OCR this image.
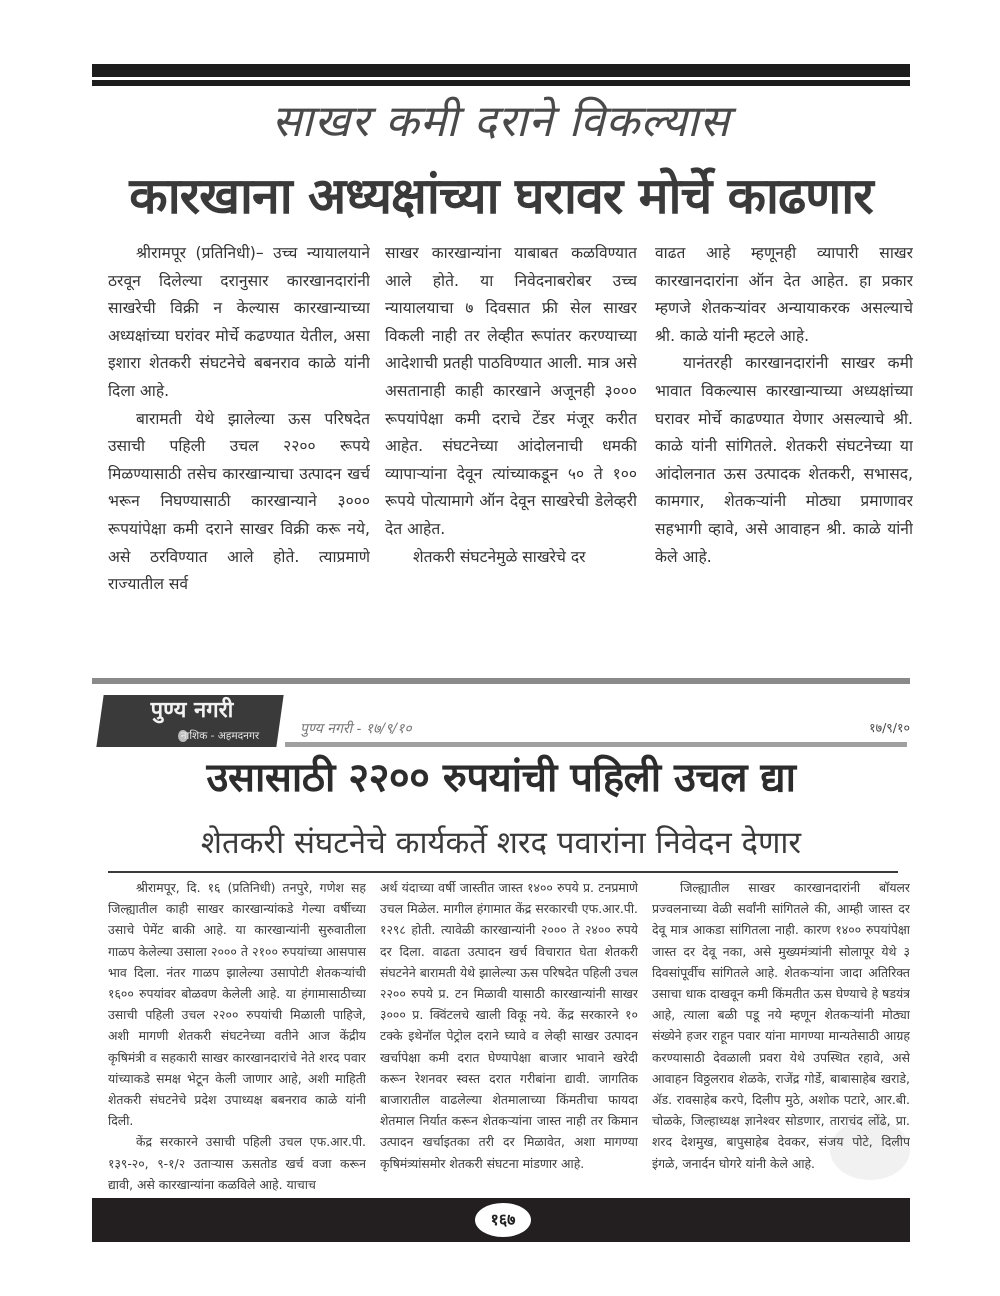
साखर कमी दराने विकल्यास
कारखाना अध्यक्षांच्या घरावर मोर्चे काढणार

श्रीरामपूर (प्रतिनिधी)– उच्च न्यायालयाने ठरवून दिलेल्या दरानुसार कारखानदारांनी साखरेची विक्री न केल्यास कारखान्याच्या अध्यक्षांच्या घरांवर मोर्चे कढण्यात येतील, असा इशारा शेतकरी संघटनेचे बबनराव काळे यांनी दिला आहे.

बारामती येथे झालेल्या ऊस परिषदेत उसाची पहिली उचल २२०० रूपये मिळण्यासाठी तसेच कारखान्याचा उत्पादन खर्च भरून निघण्यासाठी कारखान्याने ३००० रूपयांपेक्षा कमी दराने साखर विक्री करू नये, असे ठरविण्यात आले होते. त्याप्रमाणे राज्यातील सर्व

साखर कारखान्यांना याबाबत कळविण्यात आले होते. या निवेदनाबरोबर उच्च न्यायालयाचा ७ दिवसात फ्री सेल साखर विकली नाही तर लेव्हीत रूपांतर करण्याच्या आदेशाची प्रतही पाठविण्यात आली. मात्र असे असतानाही काही कारखाने अजूनही ३००० रूपयांपेक्षा कमी दराचे टेंडर मंजूर करीत आहेत. संघटनेच्या आंदोलनाची धमकी व्यापाऱ्यांना देवून त्यांच्याकडून ५० ते १०० रूपये पोत्यामागे ऑन देवून साखरेची डेलेव्हरी देत आहेत.

शेतकरी संघटनेमुळे साखरेचे दर

वाढत आहे म्हणूनही व्यापारी साखर कारखानदारांना ऑन देत आहेत. हा प्रकार म्हणजे शेतकऱ्यांवर अन्यायाकरक असल्याचे श्री. काळे यांनी म्हटले आहे.

यानंतरही कारखानदारांनी साखर कमी भावात विकल्यास कारखान्याच्या अध्यक्षांच्या घरावर मोर्चे काढण्यात येणार असल्याचे श्री. काळे यांनी सांगितले. शेतकरी संघटनेच्या या आंदोलनात ऊस उत्पादक शेतकरी, सभासद, कामगार, शेतकऱ्यांनी मोठ्या प्रमाणावर सहभागी व्हावे, असे आवाहन श्री. काळे यांनी केले आहे.

पुण्य नगरी
नाशिक - अहमदनगर	पुण्य नगरी - १७/९/१०	१७/९/१०
उसासाठी २२०० रुपयांची पहिली उचल द्या
शेतकरी संघटनेचे कार्यकर्ते शरद पवारांना निवेदन देणार

श्रीरामपूर, दि. १६ (प्रतिनिधी) तनपुरे, गणेश सह जिल्ह्यातील काही साखर कारखान्यांकडे गेल्या वर्षीच्या उसाचे पेमेंट बाकी आहे. या कारखान्यांनी सुरुवातीला गाळप केलेल्या उसाला २००० ते २१०० रुपयांच्या आसपास भाव दिला. नंतर गाळप झालेल्या उसापोटी शेतकऱ्यांची १६०० रुपयांवर बोळवण केलेली आहे. या हंगामासाठीच्या उसाची पहिली उचल २२०० रुपयांची मिळाली पाहिजे, अशी मागणी शेतकरी संघटनेच्या वतीने आज केंद्रीय कृषिमंत्री व सहकारी साखर कारखानदारांचे नेते शरद पवार यांच्याकडे समक्ष भेटून केली जाणार आहे, अशी माहिती शेतकरी संघटनेचे प्रदेश उपाध्यक्ष बबनराव काळे यांनी दिली.

केंद्र सरकारने उसाची पहिली उचल एफ.आर.पी. १३९-२०, ९-१/२ उताऱ्यास ऊसतोड खर्च वजा करून द्यावी, असे कारखान्यांना कळविले आहे. याचाच

अर्थ यंदाच्या वर्षी जास्तीत जास्त १४०० रुपये प्र. टनप्रमाणे उचल मिळेल. मागील हंगामात केंद्र सरकारची एफ.आर.पी. १२९८ होती. त्यावेळी कारखान्यांनी २००० ते २४०० रुपये दर दिला. वाढता उत्पादन खर्च विचारात घेता शेतकरी संघटनेने बारामती येथे झालेल्या ऊस परिषदेत पहिली उचल २२०० रुपये प्र. टन मिळावी यासाठी कारखान्यांनी साखर ३००० प्र. क्विंटलचे खाली विकू नये. केंद्र सरकारने १० टक्के इथेनॉल पेट्रोल दराने घ्यावे व लेव्ही साखर उत्पादन खर्चापेक्षा कमी दरात घेण्यापेक्षा बाजार भावाने खरेदी करून रेशनवर स्वस्त दरात गरीबांना द्यावी. जागतिक बाजारातील वाढलेल्या शेतमालाच्या किंमतीचा फायदा शेतमाल निर्यात करून शेतकऱ्यांना जास्त नाही तर किमान उत्पादन खर्चाइतका तरी दर मिळावेत, अशा मागण्या कृषिमंत्र्यांसमोर शेतकरी संघटना मांडणार आहे.

जिल्ह्यातील साखर कारखानदारांनी बॉयलर प्रज्वलनाच्या वेळी सर्वांनी सांगितले की, आम्ही जास्त दर देवू मात्र आकडा सांगितला नाही. कारण १४०० रुपयांपेक्षा जास्त दर देवू नका, असे मुख्यमंत्र्यांनी सोलापूर येथे ३ दिवसांपूर्वीच सांगितले आहे. शेतकऱ्यांना जादा अतिरिक्त उसाचा धाक दाखवून कमी किंमतीत ऊस घेण्याचे हे षडयंत्र आहे, त्याला बळी पडू नये म्हणून शेतकऱ्यांनी मोठ्या संख्येने हजर राहून पवार यांना मागण्या मान्यतेसाठी आग्रह करण्यासाठी देवळाली प्रवरा येथे उपस्थित रहावे, असे आवाहन विठ्ठलराव शेळके, राजेंद्र गोर्डे, बाबासाहेब खराडे, ॲड. रावसाहेब करपे, दिलीप मुठे, अशोक पटारे, आर.बी. चोळके, जिल्हाध्यक्ष ज्ञानेश्वर सोडणार, ताराचंद लोंढे, प्रा. शरद देशमुख, बापुसाहेब देवकर, संजय पोटे, दिलीप इंगळे, जनार्दन घोगरे यांनी केले आहे.

१६७
